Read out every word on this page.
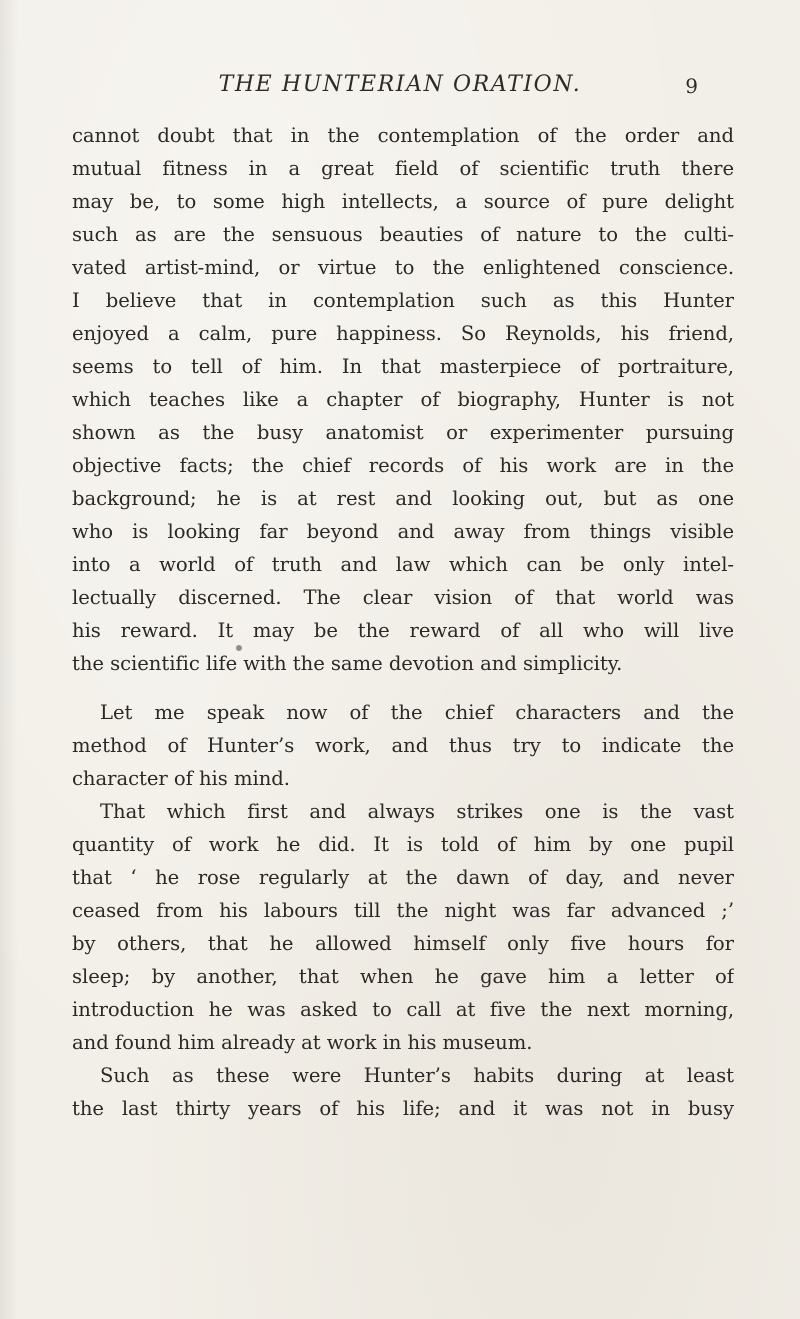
THE HUNTERIAN ORATION.	9
cannot doubt that in the contemplation of the order and
mutual fitness in a great field of scientific truth there
may be, to some high intellects, a source of pure delight
such as are the sensuous beauties of nature to the culti-
vated artist-mind, or virtue to the enlightened conscience.
I believe that in contemplation such as this Hunter
enjoyed a calm, pure happiness. So Reynolds, his friend,
seems to tell of him. In that masterpiece of portraiture,
which teaches like a chapter of biography, Hunter is not
shown as the busy anatomist or experimenter pursuing
objective facts; the chief records of his work are in the
background; he is at rest and looking out, but as one
who is looking far beyond and away from things visible
into a world of truth and law which can be only intel-
lectually discerned. The clear vision of that world was
his reward. It may be the reward of all who will live
the scientific life with the same devotion and simplicity.
Let me speak now of the chief characters and the
method of Hunter’s work, and thus try to indicate the
character of his mind.
That which first and always strikes one is the vast
quantity of work he did. It is told of him by one pupil
that ‘ he rose regularly at the dawn of day, and never
ceased from his labours till the night was far advanced ;’
by others, that he allowed himself only five hours for
sleep; by another, that when he gave him a letter of
introduction he was asked to call at five the next morning,
and found him already at work in his museum.
Such as these were Hunter’s habits during at least
the last thirty years of his life; and it was not in busy
